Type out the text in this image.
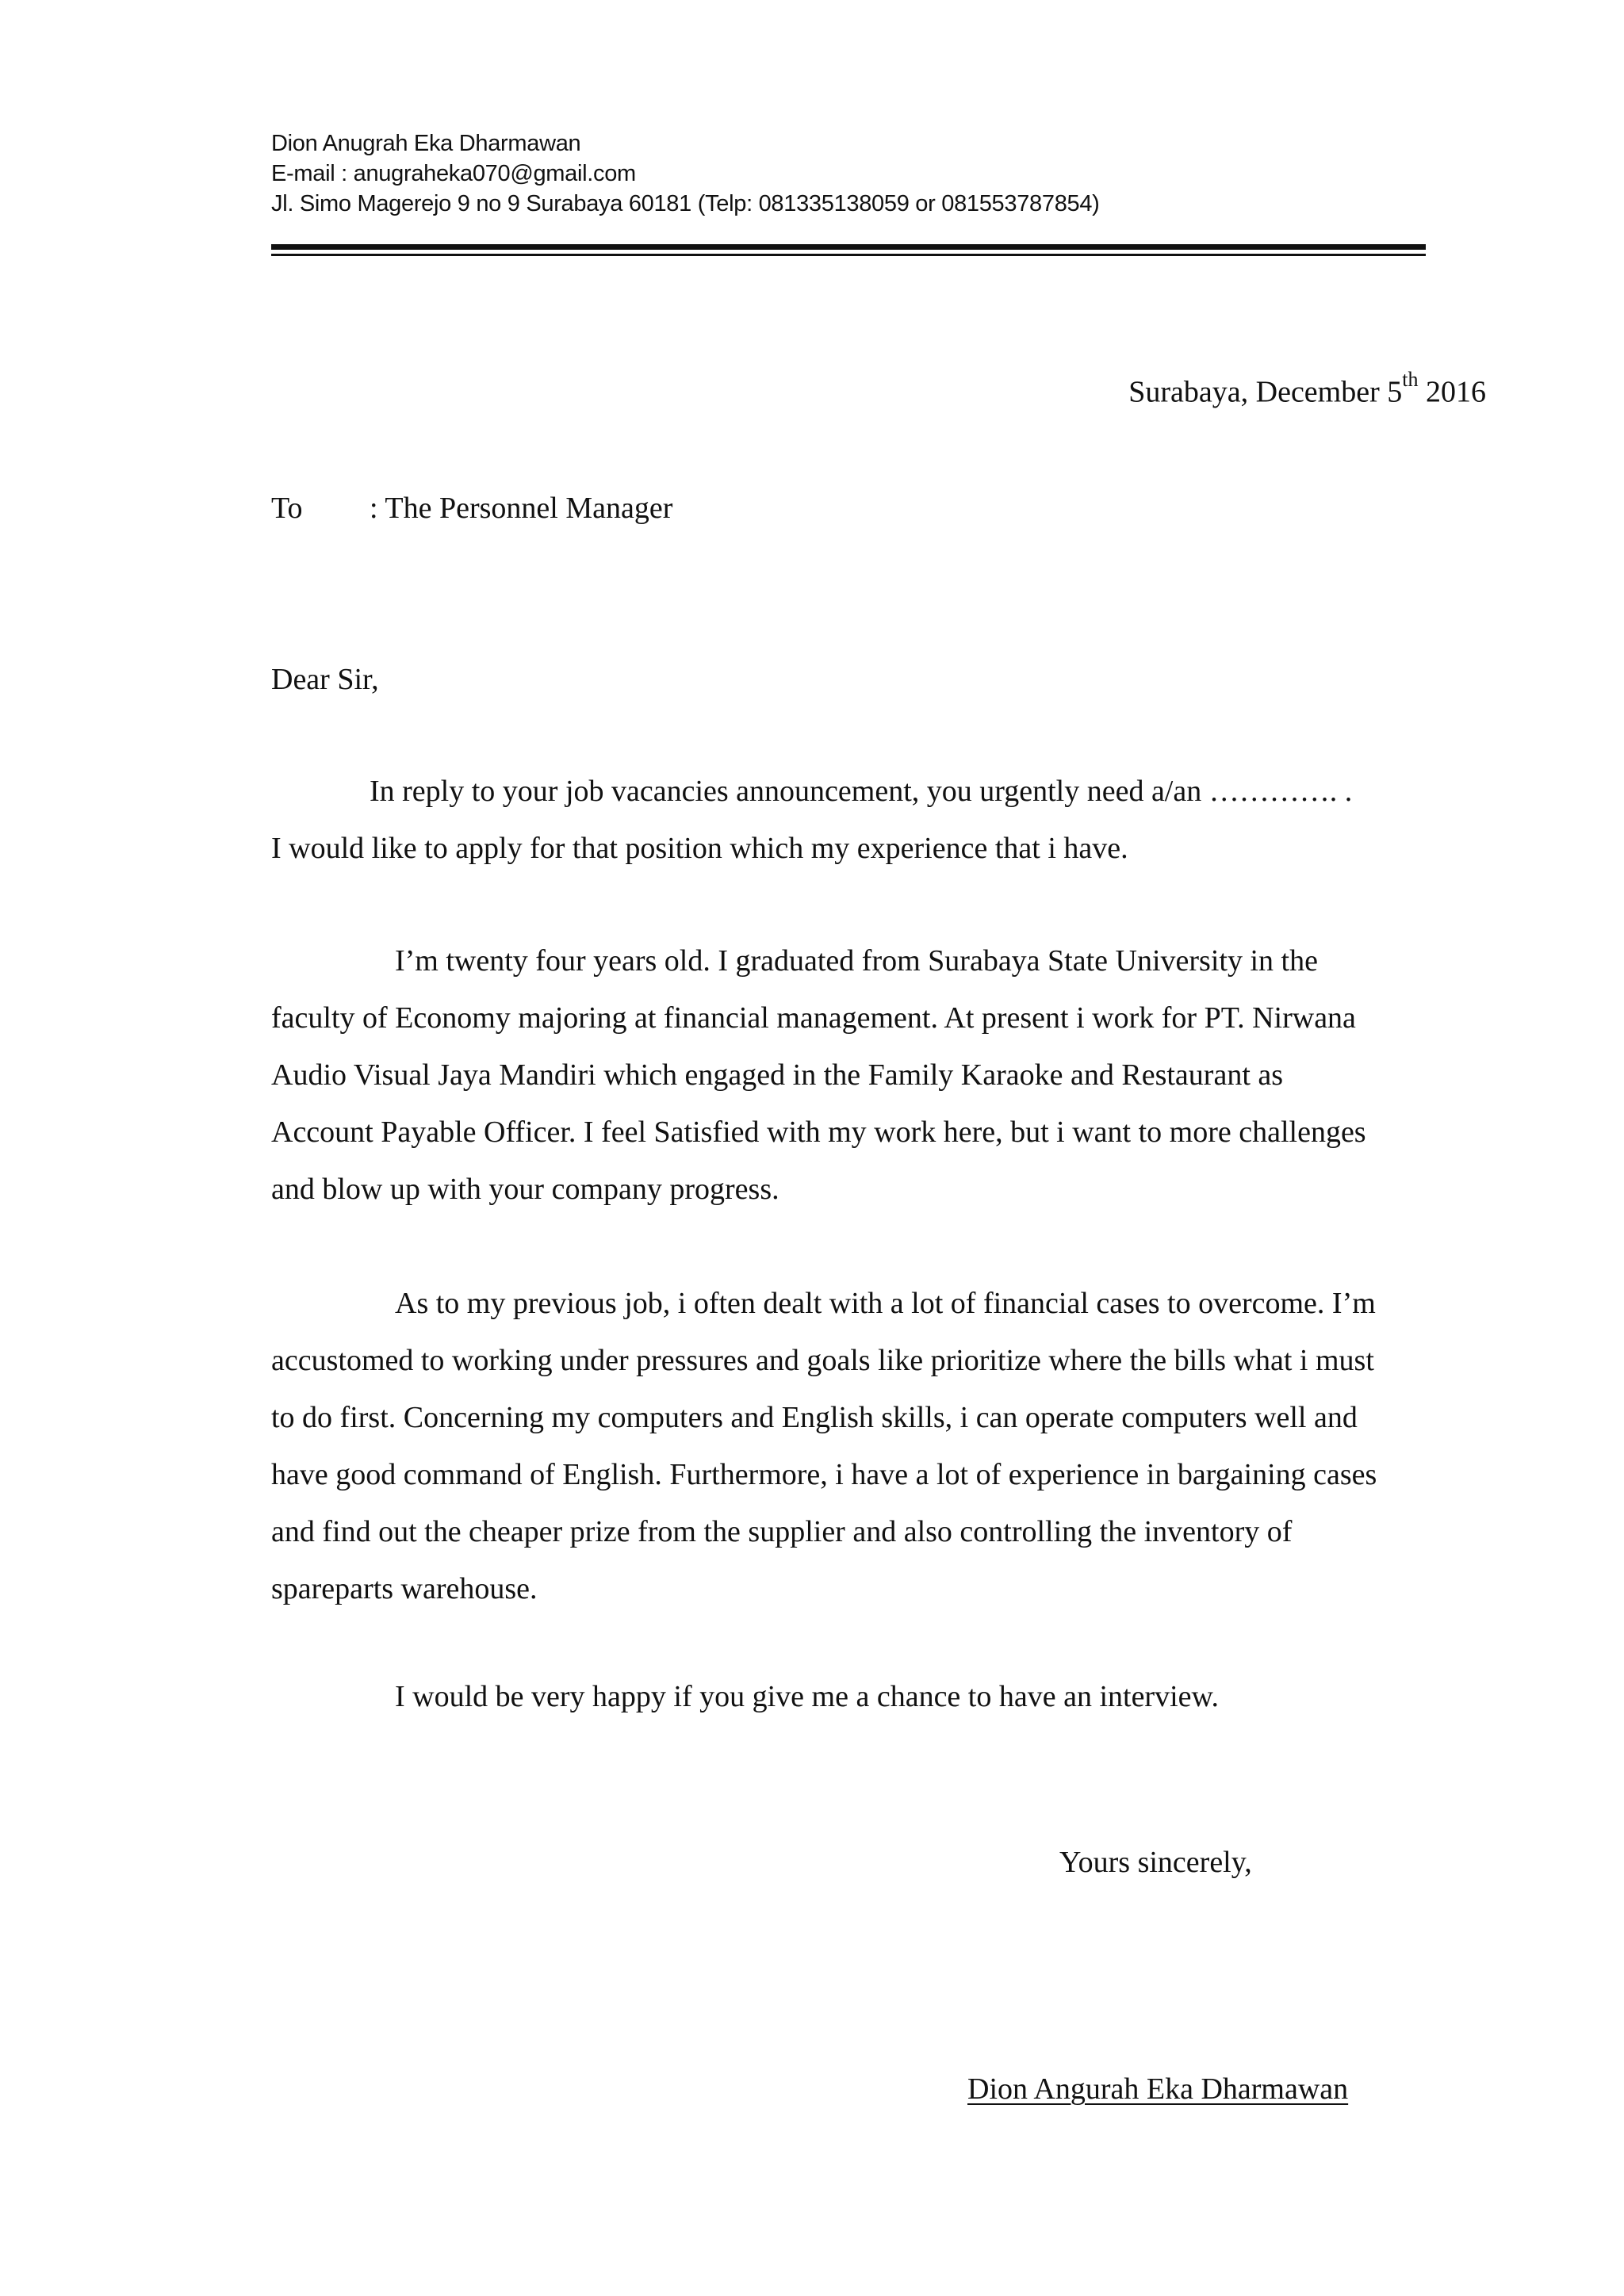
Dion Anugrah Eka Dharmawan
E-mail : anugraheka070@gmail.com
Jl. Simo Magerejo 9 no 9 Surabaya 60181 (Telp: 081335138059 or 081553787854)
Surabaya, December 5th 2016
To : The Personnel Manager
Dear Sir,
In reply to your job vacancies announcement, you urgently need a/an …………. .
I would like to apply for that position which my experience that i have.
I’m twenty four years old. I graduated from Surabaya State University in the
faculty of Economy majoring at financial management. At present i work for PT. Nirwana
Audio Visual Jaya Mandiri which engaged in the Family Karaoke and Restaurant as
Account Payable Officer. I feel Satisfied with my work here, but i want to more challenges
and blow up with your company progress.
As to my previous job, i often dealt with a lot of financial cases to overcome. I’m
accustomed to working under pressures and goals like prioritize where the bills what i must
to do first. Concerning my computers and English skills, i can operate computers well and
have good command of English. Furthermore, i have a lot of experience in bargaining cases
and find out the cheaper prize from the supplier and also controlling the inventory of
spareparts warehouse.
I would be very happy if you give me a chance to have an interview.
Yours sincerely,
Dion Angurah Eka Dharmawan
